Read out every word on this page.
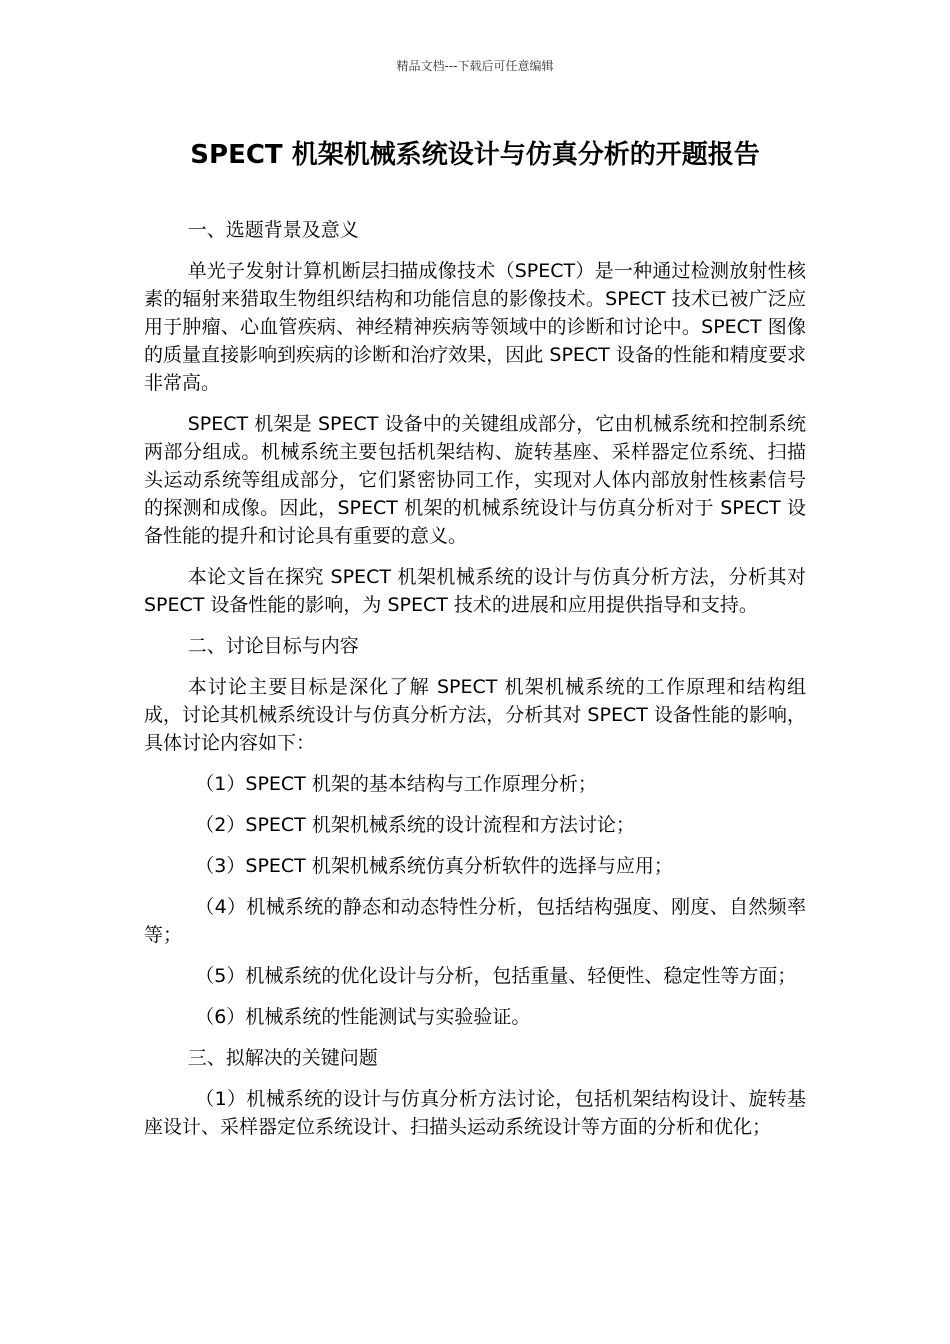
精品文档---下载后可任意编辑
SPECT 机架机械系统设计与仿真分析的开题报告

一、选题背景及意义

单光子发射计算机断层扫描成像技术（SPECT）是一种通过检测放射性核素的辐射来猎取生物组织结构和功能信息的影像技术。SPECT 技术已被广泛应用于肿瘤、心血管疾病、神经精神疾病等领域中的诊断和讨论中。SPECT 图像的质量直接影响到疾病的诊断和治疗效果，因此 SPECT 设备的性能和精度要求非常高。

SPECT 机架是 SPECT 设备中的关键组成部分，它由机械系统和控制系统两部分组成。机械系统主要包括机架结构、旋转基座、采样器定位系统、扫描头运动系统等组成部分，它们紧密协同工作，实现对人体内部放射性核素信号的探测和成像。因此，SPECT 机架的机械系统设计与仿真分析对于 SPECT 设备性能的提升和讨论具有重要的意义。

本论文旨在探究 SPECT 机架机械系统的设计与仿真分析方法，分析其对 SPECT 设备性能的影响，为 SPECT 技术的进展和应用提供指导和支持。

二、讨论目标与内容

本讨论主要目标是深化了解 SPECT 机架机械系统的工作原理和结构组成，讨论其机械系统设计与仿真分析方法，分析其对 SPECT 设备性能的影响，具体讨论内容如下：

（1）SPECT 机架的基本结构与工作原理分析；

（2）SPECT 机架机械系统的设计流程和方法讨论；

（3）SPECT 机架机械系统仿真分析软件的选择与应用；

（4）机械系统的静态和动态特性分析，包括结构强度、刚度、自然频率等；

（5）机械系统的优化设计与分析，包括重量、轻便性、稳定性等方面；

（6）机械系统的性能测试与实验验证。

三、拟解决的关键问题

（1）机械系统的设计与仿真分析方法讨论，包括机架结构设计、旋转基座设计、采样器定位系统设计、扫描头运动系统设计等方面的分析和优化；
